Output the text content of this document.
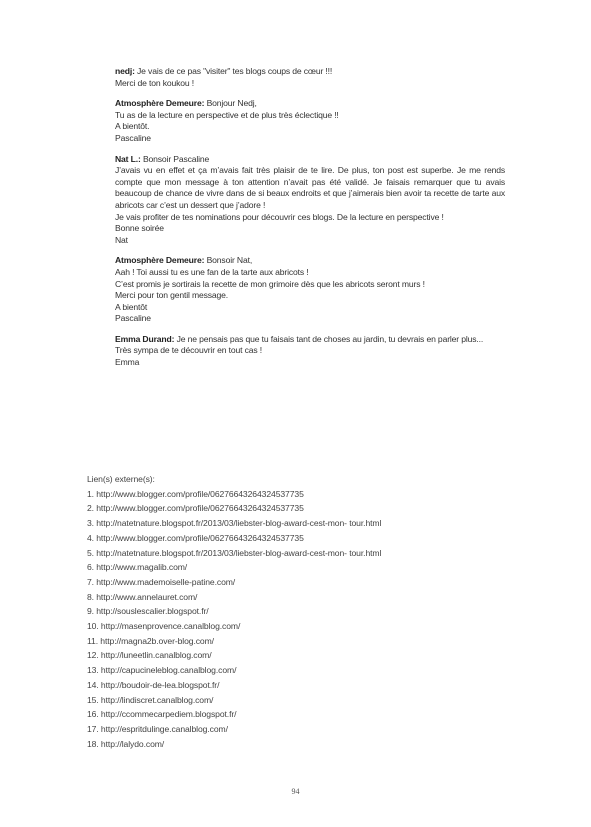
nedj: Je vais de ce pas "visiter" tes blogs coups de cœur !!!

Merci de ton koukou !

Atmosphère Demeure: Bonjour Nedj,

Tu as de la lecture en perspective et de plus très éclectique !!

A bientôt.

Pascaline

Nat L.: Bonsoir Pascaline

J’avais vu en effet et ça m’avais fait très plaisir de te lire. De plus, ton post est superbe. Je me rends compte que mon message à ton attention n’avait pas été validé. Je faisais remarquer que tu avais beaucoup de chance de vivre dans de si beaux endroits et que j’aimerais bien avoir ta recette de tarte aux abricots car c’est un dessert que j’adore !

Je vais profiter de tes nominations pour découvrir ces blogs. De la lecture en perspective !

Bonne soirée

Nat

Atmosphère Demeure: Bonsoir Nat,

Aah ! Toi aussi tu es une fan de la tarte aux abricots !

C’est promis je sortirais la recette de mon grimoire dès que les abricots seront murs !

Merci pour ton gentil message.

A bientôt

Pascaline

Emma Durand: Je ne pensais pas que tu faisais tant de choses au jardin, tu devrais en parler plus...

Très sympa de te découvrir en tout cas !

Emma

Lien(s) externe(s):
1. http://www.blogger.com/profile/06276643264324537735
2. http://www.blogger.com/profile/06276643264324537735
3. http://natetnature.blogspot.fr/2013/03/liebster-blog-award-cest-mon- tour.html
4. http://www.blogger.com/profile/06276643264324537735
5. http://natetnature.blogspot.fr/2013/03/liebster-blog-award-cest-mon- tour.html
6. http://www.magalib.com/
7. http://www.mademoiselle-patine.com/
8. http://www.annelauret.com/
9. http://souslescalier.blogspot.fr/
10. http://masenprovence.canalblog.com/
11. http://magna2b.over-blog.com/
12. http://luneetlin.canalblog.com/
13. http://capucineleblog.canalblog.com/
14. http://boudoir-de-lea.blogspot.fr/
15. http://lindiscret.canalblog.com/
16. http://ccommecarpediem.blogspot.fr/
17. http://espritdulinge.canalblog.com/
18. http://lalydo.com/
94
